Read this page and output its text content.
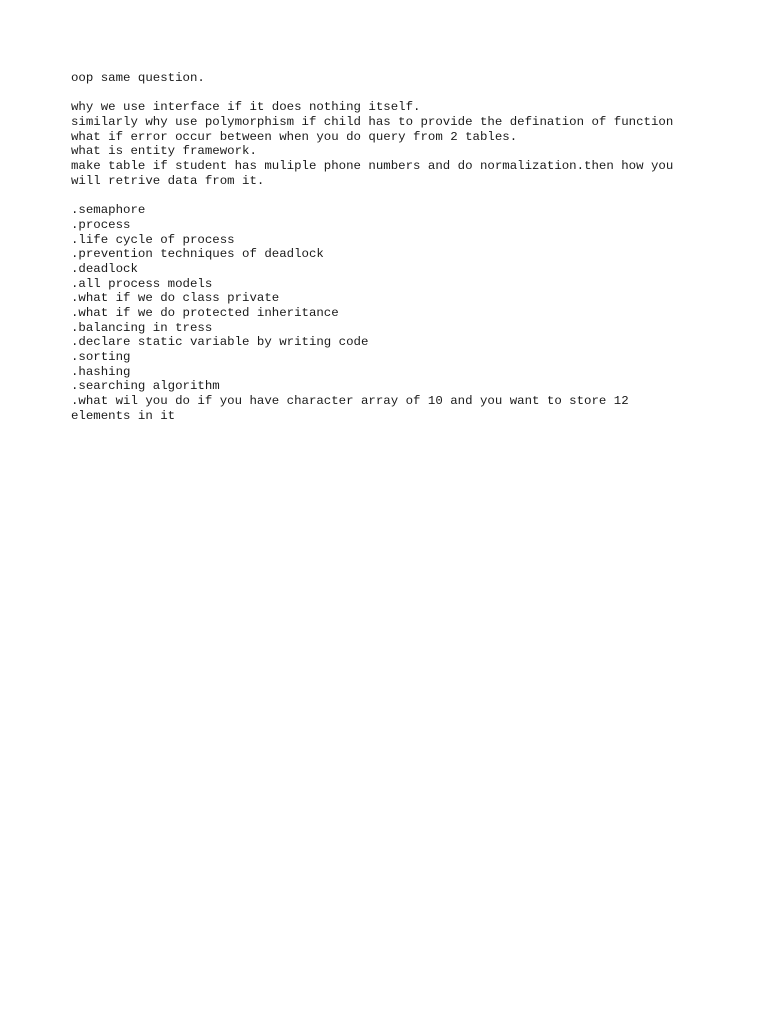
oop same question.
why we use interface if it does nothing itself.
similarly why use polymorphism if child has to provide the defination of function
what if error occur between when you do query from 2 tables.
what is entity framework.
make table if student has muliple phone numbers and do normalization.then how you
will retrive data from it.
.semaphore
.process
.life cycle of process
.prevention techniques of deadlock
.deadlock
.all process models
.what if we do class private
.what if we do protected inheritance
.balancing in tress
.declare static variable by writing code
.sorting
.hashing
.searching algorithm
.what wil you do if you have character array of 10 and you want to store 12
elements in it
